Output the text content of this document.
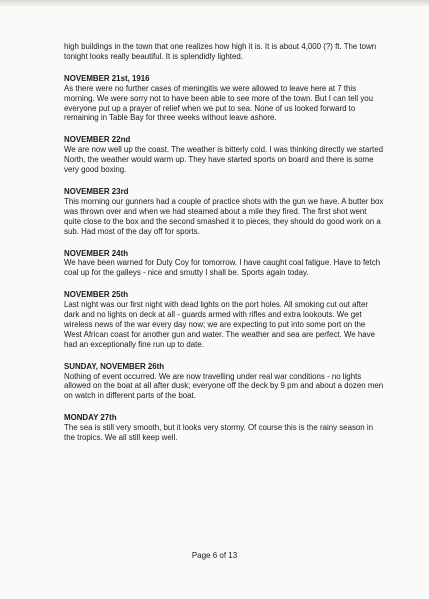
high buildings in the town that one realizes how high it is. It is about 4,000 (?) ft. The town tonight looks really beautiful. It is splendidly lighted.

NOVEMBER 21st, 1916

As there were no further cases of meningitis we were allowed to leave here at 7 this morning. We were sorry not to have been able to see more of the town. But I can tell you everyone put up a prayer of relief when we put to sea. None of us looked forward to remaining in Table Bay for three weeks without leave ashore.

NOVEMBER 22nd

We are now well up the coast. The weather is bitterly cold. I was thinking directly we started North, the weather would warm up. They have started sports on board and there is some very good boxing.

NOVEMBER 23rd

This morning our gunners had a couple of practice shots with the gun we have. A butter box was thrown over and when we had steamed about a mile they fired. The first shot went quite close to the box and the second smashed it to pieces, they should do good work on a sub. Had most of the day off for sports.

NOVEMBER 24th

We have been warned for Duty Coy for tomorrow. I have caught coal fatigue. Have to fetch coal up for the galleys - nice and smutty I shall be. Sports again today.

NOVEMBER 25th

Last night was our first night with dead lights on the port holes. All smoking cut out after dark and no lights on deck at all - guards armed with rifles and extra lookouts. We get wireless news of the war every day now; we are expecting to put into some port on the West African coast for another gun and water. The weather and sea are perfect. We have had an exceptionally fine run up to date.

SUNDAY, NOVEMBER 26th

Nothing of event occurred. We are now travelling under real war conditions - no lights allowed on the boat at all after dusk; everyone off the deck by 9 pm and about a dozen men on watch in different parts of the boat.

MONDAY 27th

The sea is still very smooth, but it looks very stormy. Of course this is the rainy season in the tropics. We all still keep well.

Page 6 of 13
